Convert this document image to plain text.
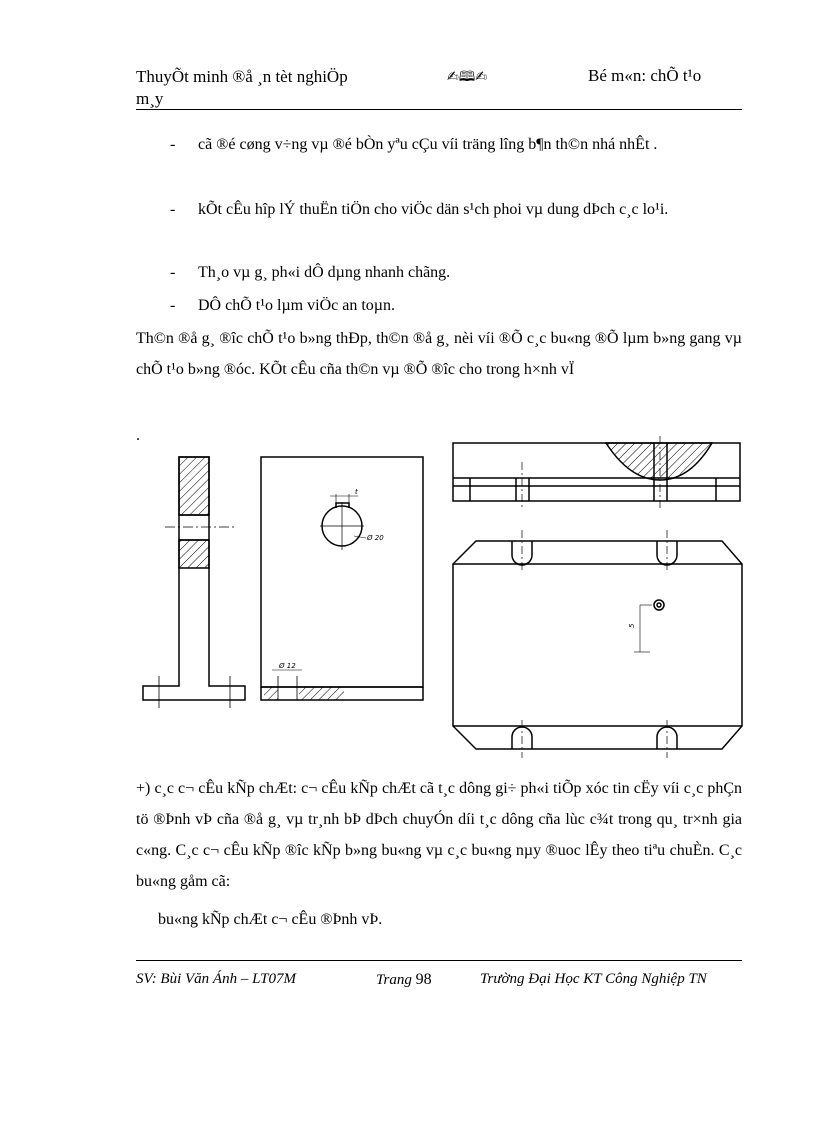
ThuyÕt minh ®å ¸n tèt nghiÖp
m¸y
✍🕮✍	Bé m«n: chÕ t¹o
- cã ®é cøng v÷ng vµ ®é bÒn yªu cÇu víi träng lîng b¶n th©n nhá nhÊt .
- kÕt cÊu hîp lÝ thuËn tiÖn cho viÖc dän s¹ch phoi vµ dung dÞch c¸c lo¹i.
- Th¸o vµ g¸ ph«i dÔ dµng nhanh chãng.
- DÔ chÕ t¹o lµm viÖc an toµn.
Th©n ®å g¸ ®îc chÕ t¹o b»ng thÐp, th©n ®å g¸ nèi víi ®Õ c¸c bu«ng ®Õ lµm b»ng gang vµ chÕ t¹o b»ng ®óc. KÕt cÊu cña th©n vµ ®Õ ®îc cho trong h×nh vÏ
.
Ø 20
t
Ø 12
5
+) c¸c c¬ cÊu kÑp chÆt: c¬ cÊu kÑp chÆt cã t¸c dông gi÷ ph«i tiÕp xóc tin cËy víi c¸c phÇn tö ®Þnh vÞ cña ®å g¸ vµ tr¸nh bÞ dÞch chuyÓn díi t¸c dông cña lùc c¾t trong qu¸ tr×nh gia c«ng. C¸c c¬ cÊu kÑp ®îc kÑp b»ng bu«ng vµ c¸c bu«ng nµy ®uoc lÊy theo tiªu chuÈn. C¸c bu«ng gåm cã:
bu«ng kÑp chÆt c¬ cÊu ®Þnh vÞ.
SV: Bùi Văn Ánh – LT07M	Trang 98	Trường Đại Học KT Công Nghiệp TN
